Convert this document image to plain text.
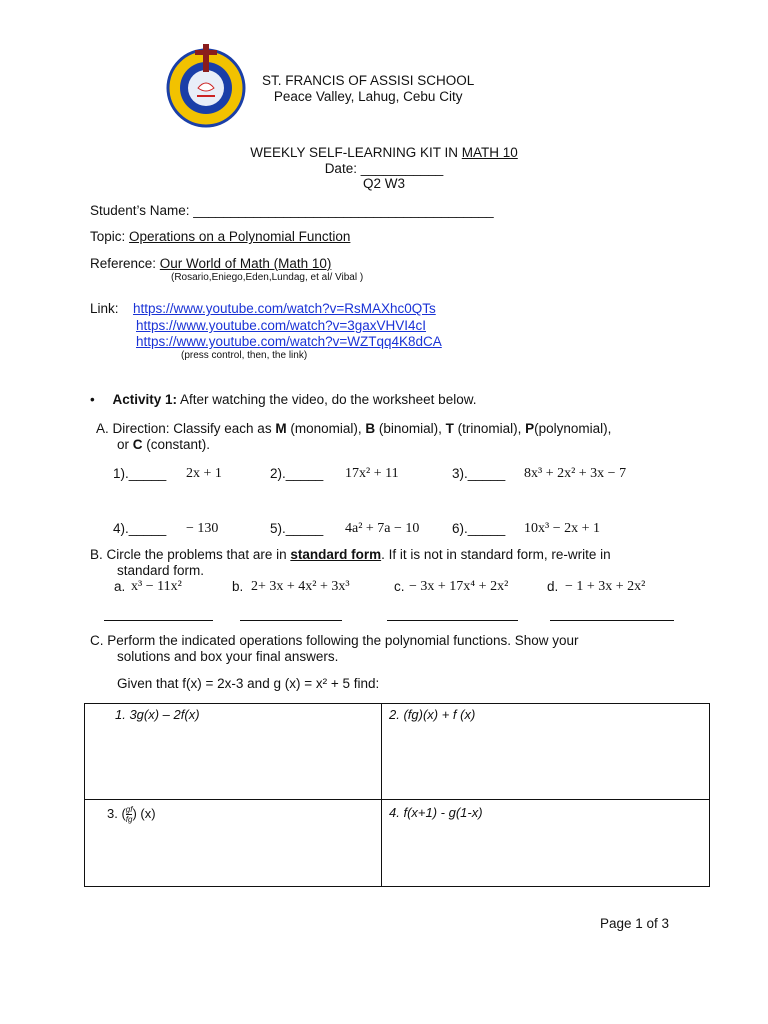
ST. FRANCIS OF ASSISI SCHOOL
Peace Valley, Lahug, Cebu City
WEEKLY SELF-LEARNING KIT IN MATH 10
Date: ___________
Q2 W3
Student’s Name: ________________________________________
Topic: Operations on a Polynomial Function
Reference: Our World of Math (Math 10)
(Rosario,Eniego,Eden,Lundag, et al/ Vibal )
Link: https://www.youtube.com/watch?v=RsMAXhc0QTs
https://www.youtube.com/watch?v=3gaxVHVI4cI
https://www.youtube.com/watch?v=WZTqq4K8dCA
(press control, then, the link)
• Activity 1: After watching the video, do the worksheet below.
A. Direction: Classify each as M (monomial), B (binomial), T (trinomial), P(polynomial),
or C (constant).
1)._____ 2x + 1	2)._____ 17x² + 11	3)._____ 8x³ + 2x² + 3x − 7
4)._____ − 130	5)._____ 4a² + 7a − 10 6)._____ 10x³ − 2x + 1
B. Circle the problems that are in standard form. If it is not in standard form, re-write in
standard form.
a. x³ − 11x²	b. 2+ 3x + 4x² + 3x³	c. − 3x + 17x⁴ + 2x²	d. − 1 + 3x + 2x²
C. Perform the indicated operations following the polynomial functions. Show your
solutions and box your final answers.
Given that f(x) = 2x-3 and g (x) = x² + 5 find:
1. 3g(x) – 2f(x)	2. (fg)(x) + f (x)
3. ( $\frac{gf}{fg}$ ) (x)	4. f(x+1) - g(1-x)
Page 1 of 3
